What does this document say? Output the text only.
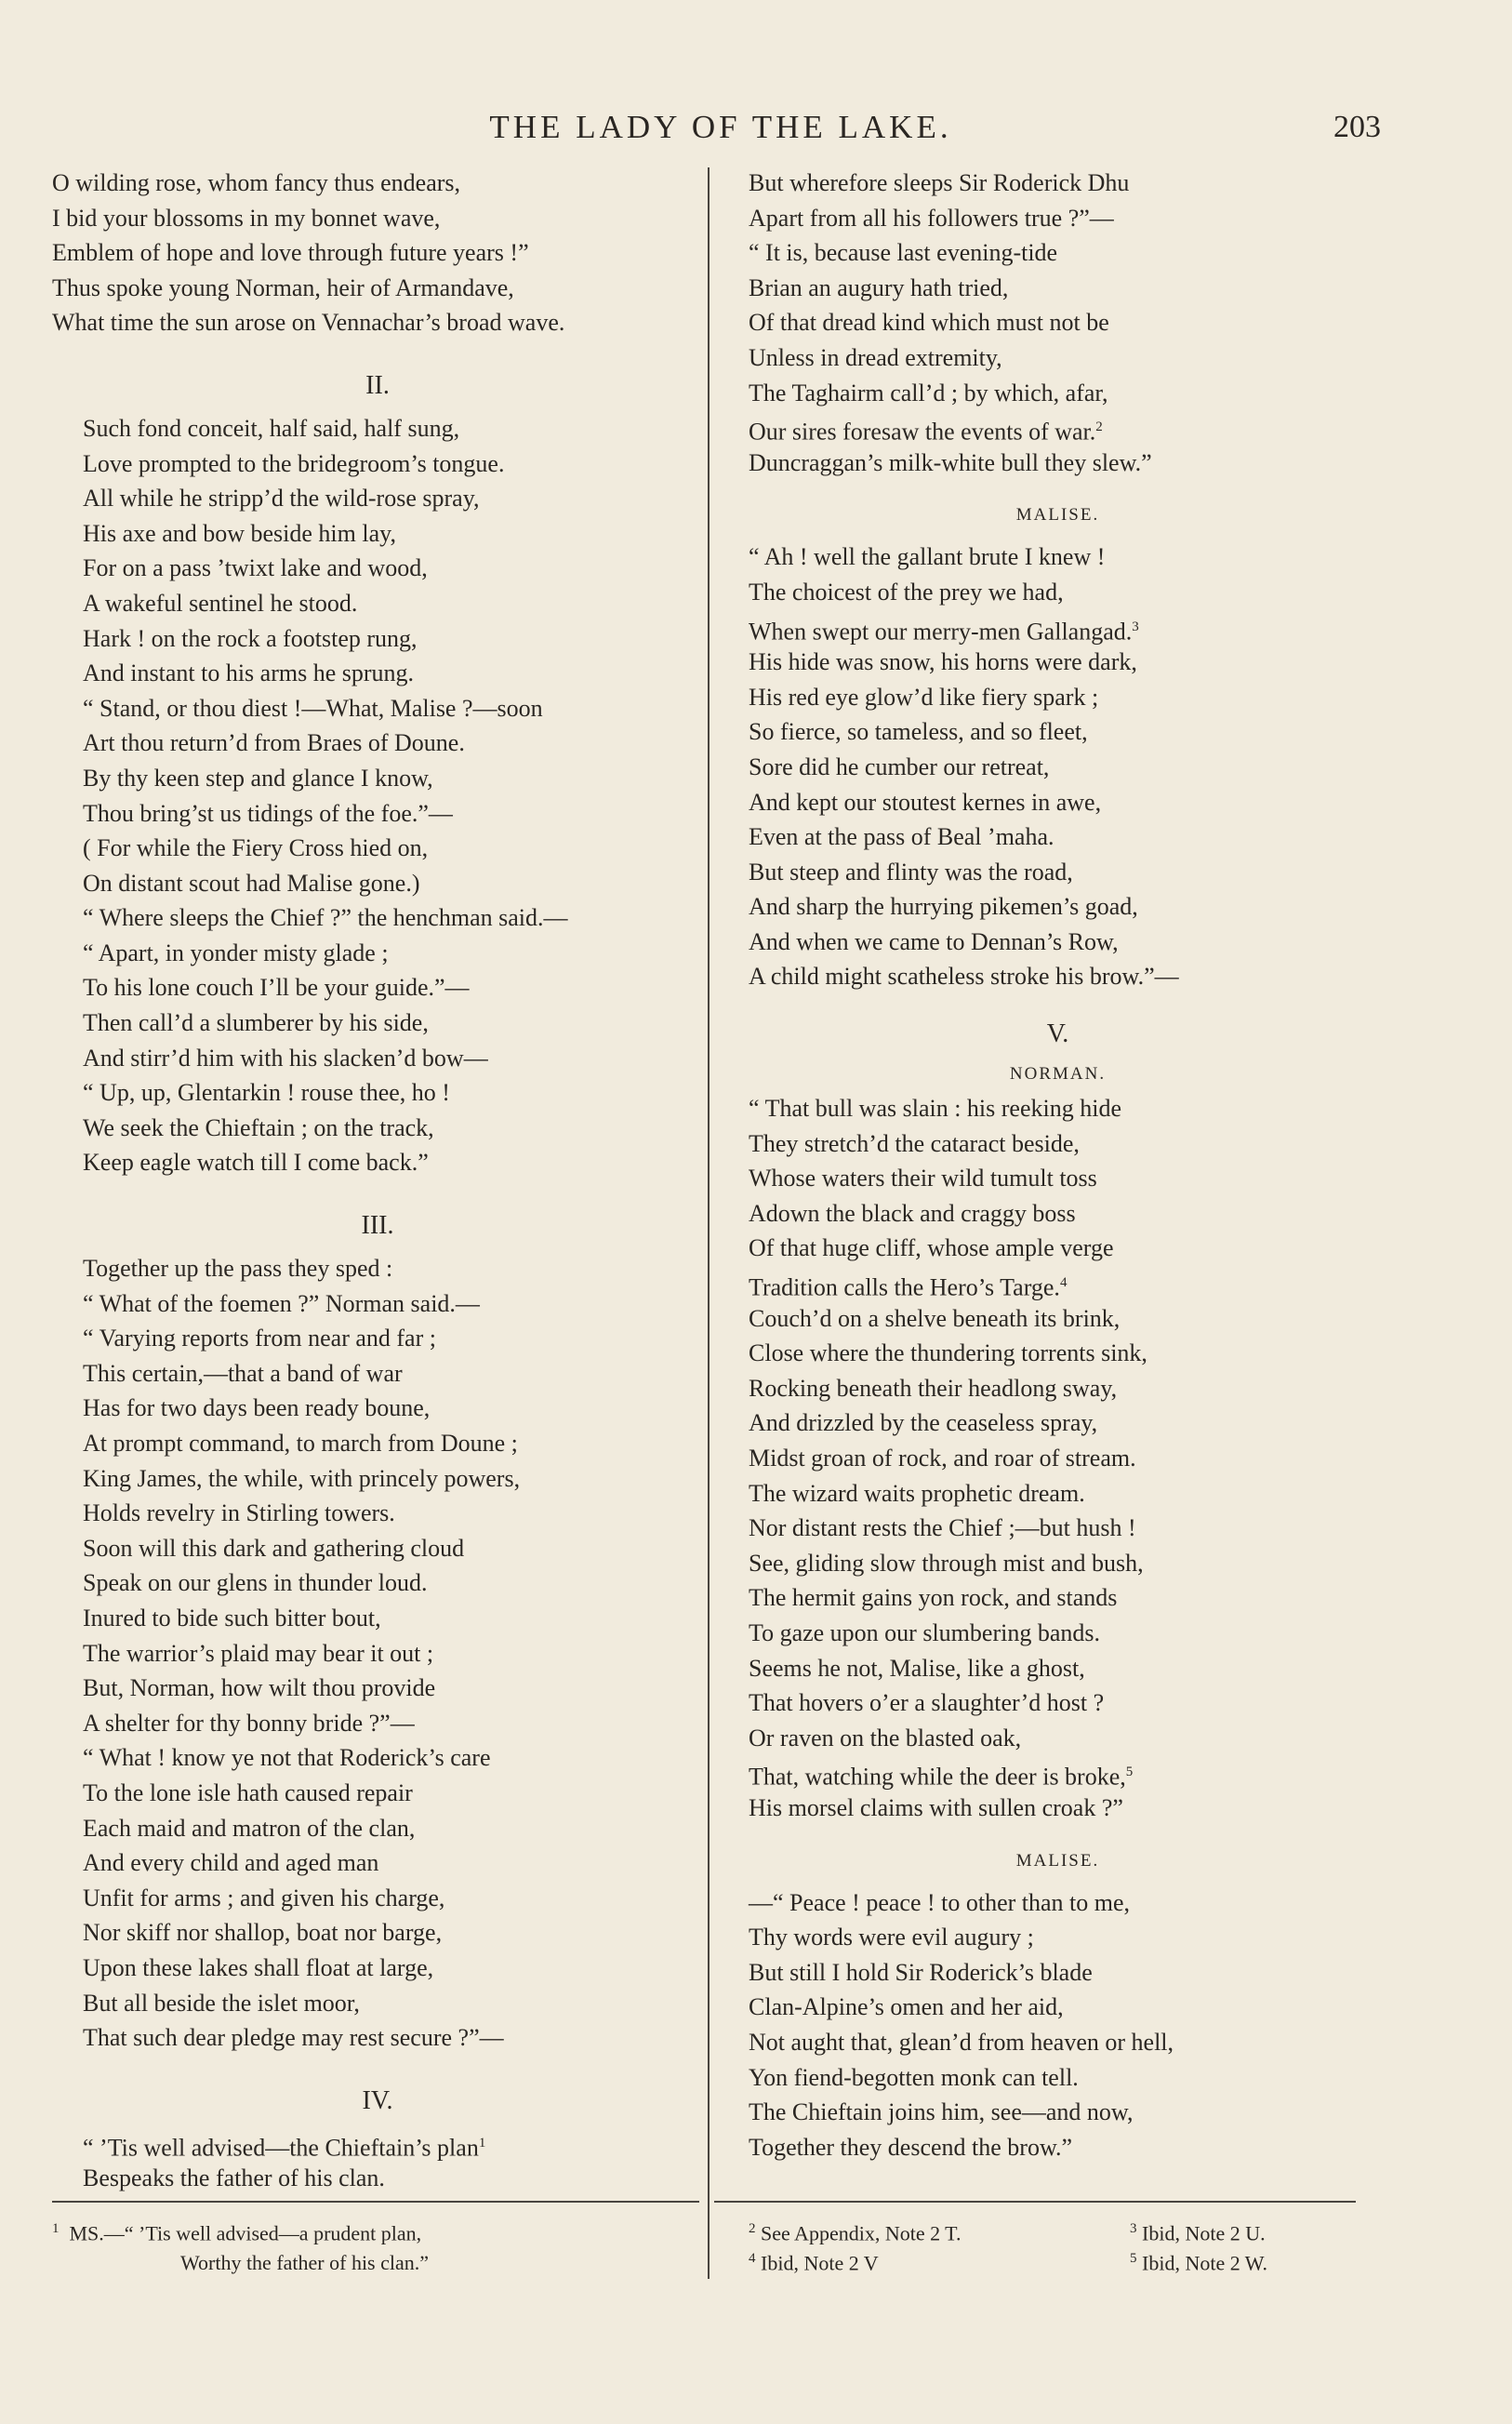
THE LADY OF THE LAKE.	203
O wilding rose, whom fancy thus endears,
I bid your blossoms in my bonnet wave,
Emblem of hope and love through future years !”
Thus spoke young Norman, heir of Armandave,
What time the sun arose on Vennachar’s broad wave.
II.
Such fond conceit, half said, half sung,
Love prompted to the bridegroom’s tongue.
All while he stripp’d the wild-rose spray,
His axe and bow beside him lay,
For on a pass ’twixt lake and wood,
A wakeful sentinel he stood.
Hark ! on the rock a footstep rung,
And instant to his arms he sprung.
“ Stand, or thou diest !—What, Malise ?—soon
Art thou return’d from Braes of Doune.
By thy keen step and glance I know,
Thou bring’st us tidings of the foe.”—
( For while the Fiery Cross hied on,
On distant scout had Malise gone.)
“ Where sleeps the Chief ?” the henchman said.—
“ Apart, in yonder misty glade ;
To his lone couch I’ll be your guide.”—
Then call’d a slumberer by his side,
And stirr’d him with his slacken’d bow—
“ Up, up, Glentarkin ! rouse thee, ho !
We seek the Chieftain ; on the track,
Keep eagle watch till I come back.”
III.
Together up the pass they sped :
“ What of the foemen ?” Norman said.—
“ Varying reports from near and far ;
This certain,—that a band of war
Has for two days been ready boune,
At prompt command, to march from Doune ;
King James, the while, with princely powers,
Holds revelry in Stirling towers.
Soon will this dark and gathering cloud
Speak on our glens in thunder loud.
Inured to bide such bitter bout,
The warrior’s plaid may bear it out ;
But, Norman, how wilt thou provide
A shelter for thy bonny bride ?”—
“ What ! know ye not that Roderick’s care
To the lone isle hath caused repair
Each maid and matron of the clan,
And every child and aged man
Unfit for arms ; and given his charge,
Nor skiff nor shallop, boat nor barge,
Upon these lakes shall float at large,
But all beside the islet moor,
That such dear pledge may rest secure ?”—
IV.
“ ’Tis well advised—the Chieftain’s plan$^1$
Bespeaks the father of his clan.
But wherefore sleeps Sir Roderick Dhu
Apart from all his followers true ?”—
“ It is, because last evening-tide
Brian an augury hath tried,
Of that dread kind which must not be
Unless in dread extremity,
The Taghairm call’d ; by which, afar,
Our sires foresaw the events of war.$^2$
Duncraggan’s milk-white bull they slew.”
MALISE.
“ Ah ! well the gallant brute I knew !
The choicest of the prey we had,
When swept our merry-men Gallangad.$^3$
His hide was snow, his horns were dark,
His red eye glow’d like fiery spark ;
So fierce, so tameless, and so fleet,
Sore did he cumber our retreat,
And kept our stoutest kernes in awe,
Even at the pass of Beal ’maha.
But steep and flinty was the road,
And sharp the hurrying pikemen’s goad,
And when we came to Dennan’s Row,
A child might scatheless stroke his brow.”—
V.
NORMAN.
“ That bull was slain : his reeking hide
They stretch’d the cataract beside,
Whose waters their wild tumult toss
Adown the black and craggy boss
Of that huge cliff, whose ample verge
Tradition calls the Hero’s Targe.$^4$
Couch’d on a shelve beneath its brink,
Close where the thundering torrents sink,
Rocking beneath their headlong sway,
And drizzled by the ceaseless spray,
Midst groan of rock, and roar of stream.
The wizard waits prophetic dream.
Nor distant rests the Chief ;—but hush !
See, gliding slow through mist and bush,
The hermit gains yon rock, and stands
To gaze upon our slumbering bands.
Seems he not, Malise, like a ghost,
That hovers o’er a slaughter’d host ?
Or raven on the blasted oak,
That, watching while the deer is broke,$^5$
His morsel claims with sullen croak ?”
MALISE.
—“ Peace ! peace ! to other than to me,
Thy words were evil augury ;
But still I hold Sir Roderick’s blade
Clan-Alpine’s omen and her aid,
Not aught that, glean’d from heaven or hell,
Yon fiend-begotten monk can tell.
The Chieftain joins him, see—and now,
Together they descend the brow.”
$^1$ MS.—“ ’Tis well advised—a prudent plan,
Worthy the father of his clan.”
$^2$ See Appendix, Note 2 T.	$^3$ Ibid, Note 2 U.
$^4$ Ibid, Note 2 V	$^5$ Ibid, Note 2 W.
